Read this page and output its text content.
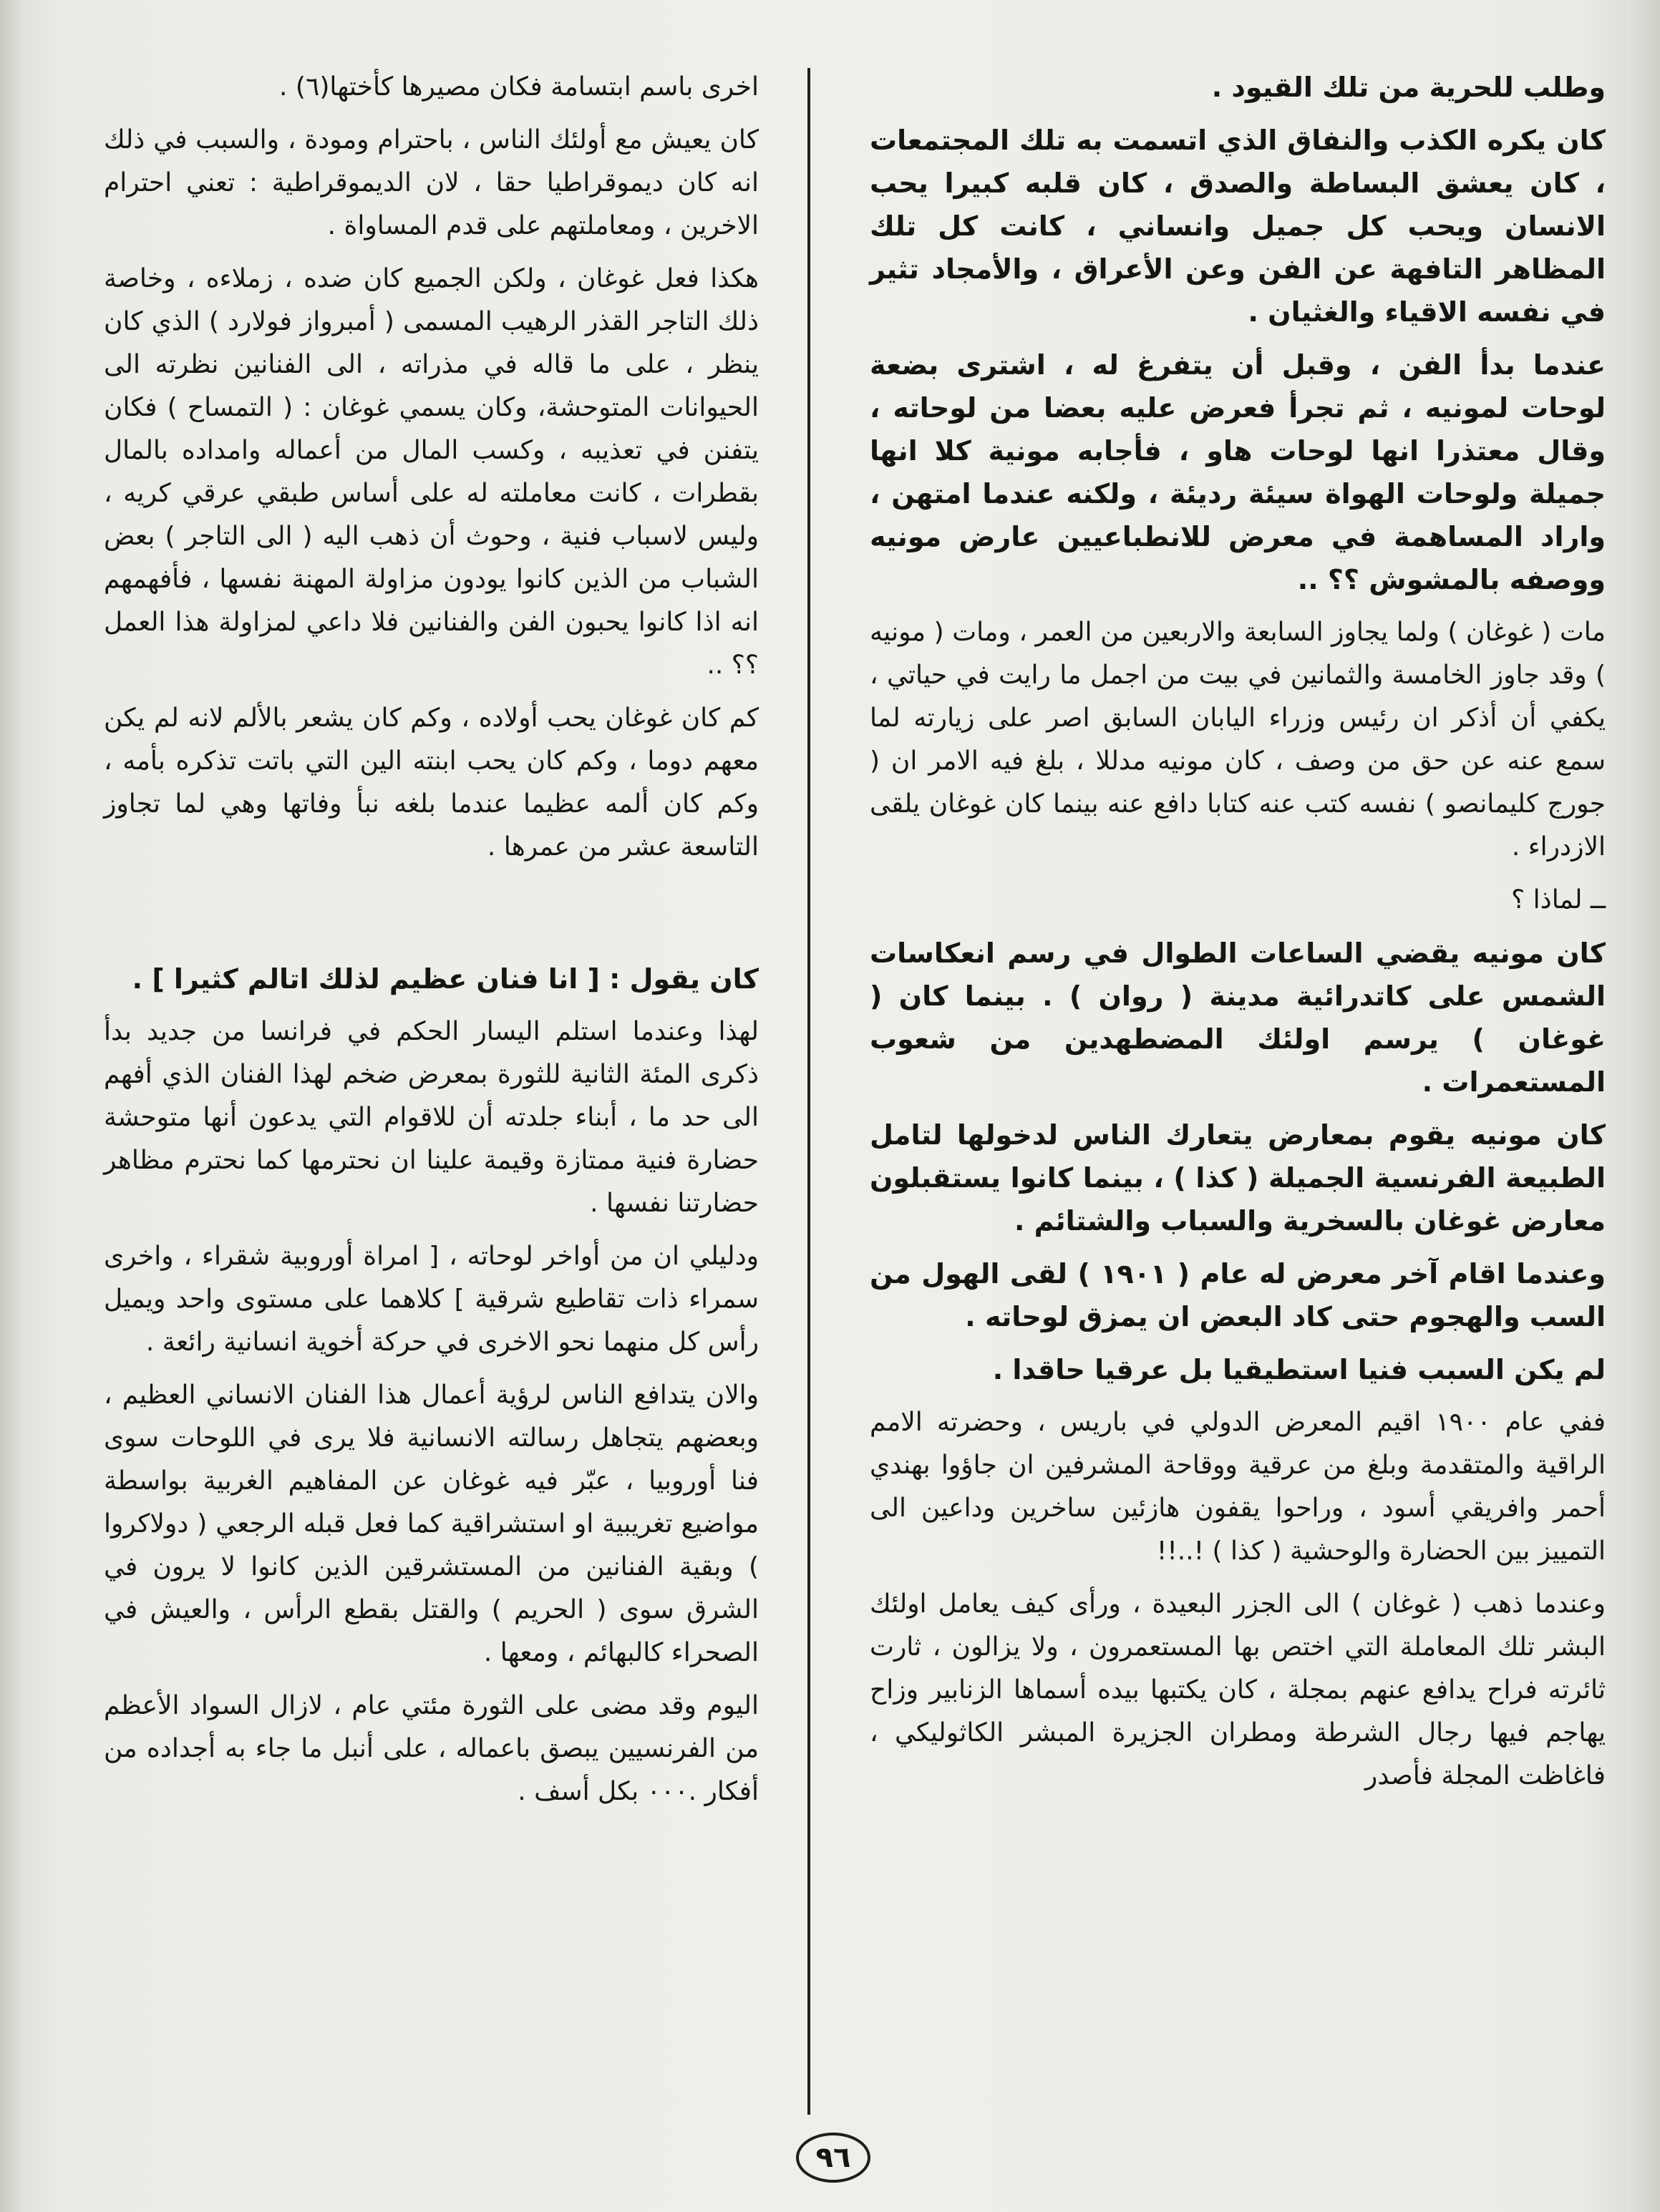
وطلب للحرية من تلك القيود .

كان يكره الكذب والنفاق الذي اتسمت به تلك المجتمعات ، كان يعشق البساطة والصدق ، كان قلبه كبيرا يحب الانسان ويحب كل جميل وانساني ، كانت كل تلك المظاهر التافهة عن الفن وعن الأعراق ، والأمجاد تثير في نفسه الاقياء والغثيان .

عندما بدأ الفن ، وقبل أن يتفرغ له ، اشترى بضعة لوحات لمونيه ، ثم تجرأ فعرض عليه بعضا من لوحاته ، وقال معتذرا انها لوحات هاو ، فأجابه مونية كلا انها جميلة ولوحات الهواة سيئة رديئة ، ولكنه عندما امتهن ، واراد المساهمة في معرض للانطباعيين عارض مونيه ووصفه بالمشوش ؟؟ ..

مات ( غوغان ) ولما يجاوز السابعة والاربعين من العمر ، ومات ( مونيه ) وقد جاوز الخامسة والثمانين في بيت من اجمل ما رايت في حياتي ، يكفي أن أذكر ان رئيس وزراء اليابان السابق اصر على زيارته لما سمع عنه عن حق من وصف ، كان مونيه مدللا ، بلغ فيه الامر ان ( جورج كليمانصو ) نفسه كتب عنه كتابا دافع عنه بينما كان غوغان يلقى الازدراء .

ــ لماذا ؟

كان مونيه يقضي الساعات الطوال في رسم انعكاسات الشمس على كاتدرائية مدينة ( روان ) . بينما كان ( غوغان ) يرسم اولئك المضطهدين من شعوب المستعمرات .

كان مونيه يقوم بمعارض يتعارك الناس لدخولها لتامل الطبيعة الفرنسية الجميلة ( كذا ) ، بينما كانوا يستقبلون معارض غوغان بالسخرية والسباب والشتائم .

وعندما اقام آخر معرض له عام ( ١٩٠١ ) لقى الهول من السب والهجوم حتى كاد البعض ان يمزق لوحاته .

لم يكن السبب فنيا استطيقيا بل عرقيا حاقدا .

ففي عام ١٩٠٠ اقيم المعرض الدولي في باريس ، وحضرته الامم الراقية والمتقدمة وبلغ من عرقية ووقاحة المشرفين ان جاؤوا بهندي أحمر وافريقي أسود ، وراحوا يقفون هازئين ساخرين وداعين الى التمييز بين الحضارة والوحشية ( كذا ) !..!!

وعندما ذهب ( غوغان ) الى الجزر البعيدة ، ورأى كيف يعامل اولئك البشر تلك المعاملة التي اختص بها المستعمرون ، ولا يزالون ، ثارت ثائرته فراح يدافع عنهم بمجلة ، كان يكتبها بيده أسماها الزنابير وزاح يهاجم فيها رجال الشرطة ومطران الجزيرة المبشر الكاثوليكي ، فاغاظت المجلة فأصدر

اخرى باسم ابتسامة فكان مصيرها كأختها(٦) .

كان يعيش مع أولئك الناس ، باحترام ومودة ، والسبب في ذلك انه كان ديموقراطيا حقا ، لان الديموقراطية : تعني احترام الاخرين ، ومعاملتهم على قدم المساواة .

هكذا فعل غوغان ، ولكن الجميع كان ضده ، زملاءه ، وخاصة ذلك التاجر القذر الرهيب المسمى ( أمبرواز فولارد ) الذي كان ينظر ، على ما قاله في مذراته ، الى الفنانين نظرته الى الحيوانات المتوحشة، وكان يسمي غوغان : ( التمساح ) فكان يتفنن في تعذيبه ، وكسب المال من أعماله وامداده بالمال بقطرات ، كانت معاملته له على أساس طبقي عرقي كريه ، وليس لاسباب فنية ، وحوث أن ذهب اليه ( الى التاجر ) بعض الشباب من الذين كانوا يودون مزاولة المهنة نفسها ، فأفهمهم انه اذا كانوا يحبون الفن والفنانين فلا داعي لمزاولة هذا العمل ؟؟ ..

كم كان غوغان يحب أولاده ، وكم كان يشعر بالألم لانه لم يكن معهم دوما ، وكم كان يحب ابنته الين التي باتت تذكره بأمه ، وكم كان ألمه عظيما عندما بلغه نبأ وفاتها وهي لما تجاوز التاسعة عشر من عمرها .

كان يقول : [ انا فنان عظيم لذلك اتالم كثيرا ] .

لهذا وعندما استلم اليسار الحكم في فرانسا من جديد بدأ ذكرى المئة الثانية للثورة بمعرض ضخم لهذا الفنان الذي أفهم الى حد ما ، أبناء جلدته أن للاقوام التي يدعون أنها متوحشة حضارة فنية ممتازة وقيمة علينا ان نحترمها كما نحترم مظاهر حضارتنا نفسها .

ودليلي ان من أواخر لوحاته ، [ امراة أوروبية شقراء ، واخرى سمراء ذات تقاطيع شرقية ] كلاهما على مستوى واحد ويميل رأس كل منهما نحو الاخرى في حركة أخوية انسانية رائعة .

والان يتدافع الناس لرؤية أعمال هذا الفنان الانساني العظيم ، وبعضهم يتجاهل رسالته الانسانية فلا يرى في اللوحات سوى فنا أوروبيا ، عبّر فيه غوغان عن المفاهيم الغربية بواسطة مواضيع تغريبية او استشراقية كما فعل قبله الرجعي ( دولاكروا ) وبقية الفنانين من المستشرقين الذين كانوا لا يرون في الشرق سوى ( الحريم ) والقتل بقطع الرأس ، والعيش في الصحراء كالبهائم ، ومعها .

اليوم وقد مضى على الثورة مئتي عام ، لازال السواد الأعظم من الفرنسيين يبصق باعماله ، على أنبل ما جاء به أجداده من أفكار .٠٠٠ بكل أسف .

٩٦
